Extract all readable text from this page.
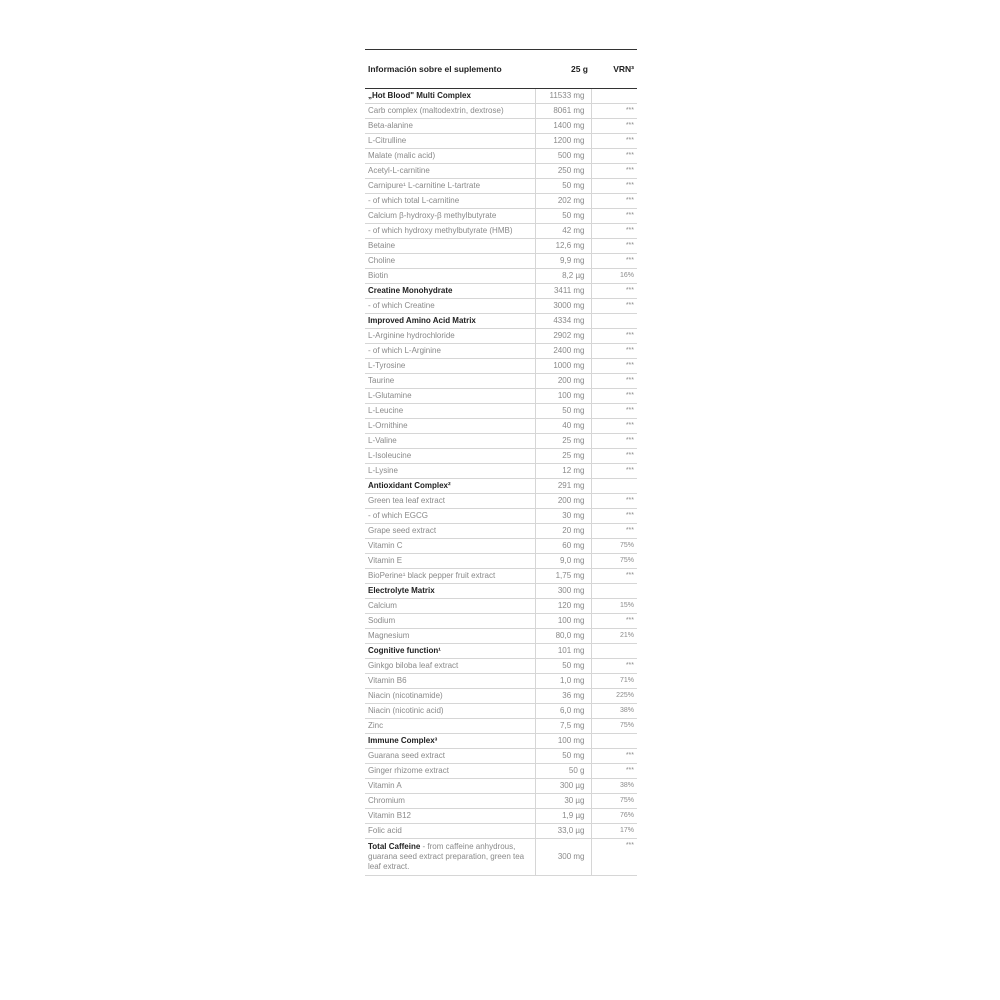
Información sobre el suplemento	25 g	VRN³
„Hot Blood" Multi Complex	11533 mg	
Carb complex (maltodextrin, dextrose)	8061 mg	***
Beta-alanine	1400 mg	***
L-Citrulline	1200 mg	***
Malate (malic acid)	500 mg	***
Acetyl-L-carnitine	250 mg	***
Carnipure¹ L-carnitine L-tartrate	50 mg	***
- of which total L-carnitine	202 mg	***
Calcium β-hydroxy-β methylbutyrate	50 mg	***
- of which hydroxy methylbutyrate (HMB)	42 mg	***
Betaine	12,6 mg	***
Choline	9,9 mg	***
Biotin	8,2 µg	16%
Creatine Monohydrate	3411 mg	***
- of which Creatine	3000 mg	***
Improved Amino Acid Matrix	4334 mg	
L-Arginine hydrochloride	2902 mg	***
- of which L-Arginine	2400 mg	***
L-Tyrosine	1000 mg	***
Taurine	200 mg	***
L-Glutamine	100 mg	***
L-Leucine	50 mg	***
L-Ornithine	40 mg	***
L-Valine	25 mg	***
L-Isoleucine	25 mg	***
L-Lysine	12 mg	***
Antioxidant Complex²	291 mg	
Green tea leaf extract	200 mg	***
- of which EGCG	30 mg	***
Grape seed extract	20 mg	***
Vitamin C	60 mg	75%
Vitamin E	9,0 mg	75%
BioPerine¹ black pepper fruit extract	1,75 mg	***
Electrolyte Matrix	300 mg	
Calcium	120 mg	15%
Sodium	100 mg	***
Magnesium	80,0 mg	21%
Cognitive function¹	101 mg	
Ginkgo biloba leaf extract	50 mg	***
Vitamin B6	1,0 mg	71%
Niacin (nicotinamide)	36 mg	225%
Niacin (nicotinic acid)	6,0 mg	38%
Zinc	7,5 mg	75%
Immune Complex³	100 mg	
Guarana seed extract	50 mg	***
Ginger rhizome extract	50 g	***
Vitamin A	300 µg	38%
Chromium	30 µg	75%
Vitamin B12	1,9 µg	76%
Folic acid	33,0 µg	17%
Total Caffeine - from caffeine anhydrous, guarana seed extract preparation, green tea leaf extract.	300 mg	***
